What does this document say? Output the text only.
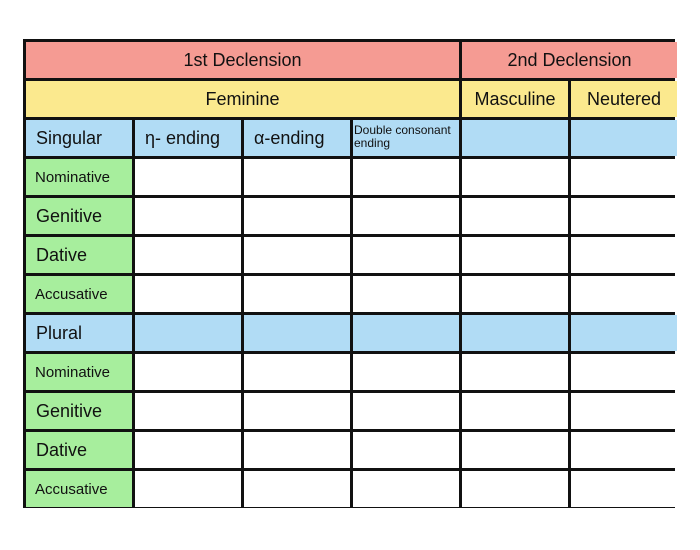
1st Declension	2nd Declension
Feminine	Masculine	Neutered
Singular	η- ending	α-ending	Double consonant ending
Nominative
Genitive
Dative
Accusative
Plural
Nominative
Genitive
Dative
Accusative
